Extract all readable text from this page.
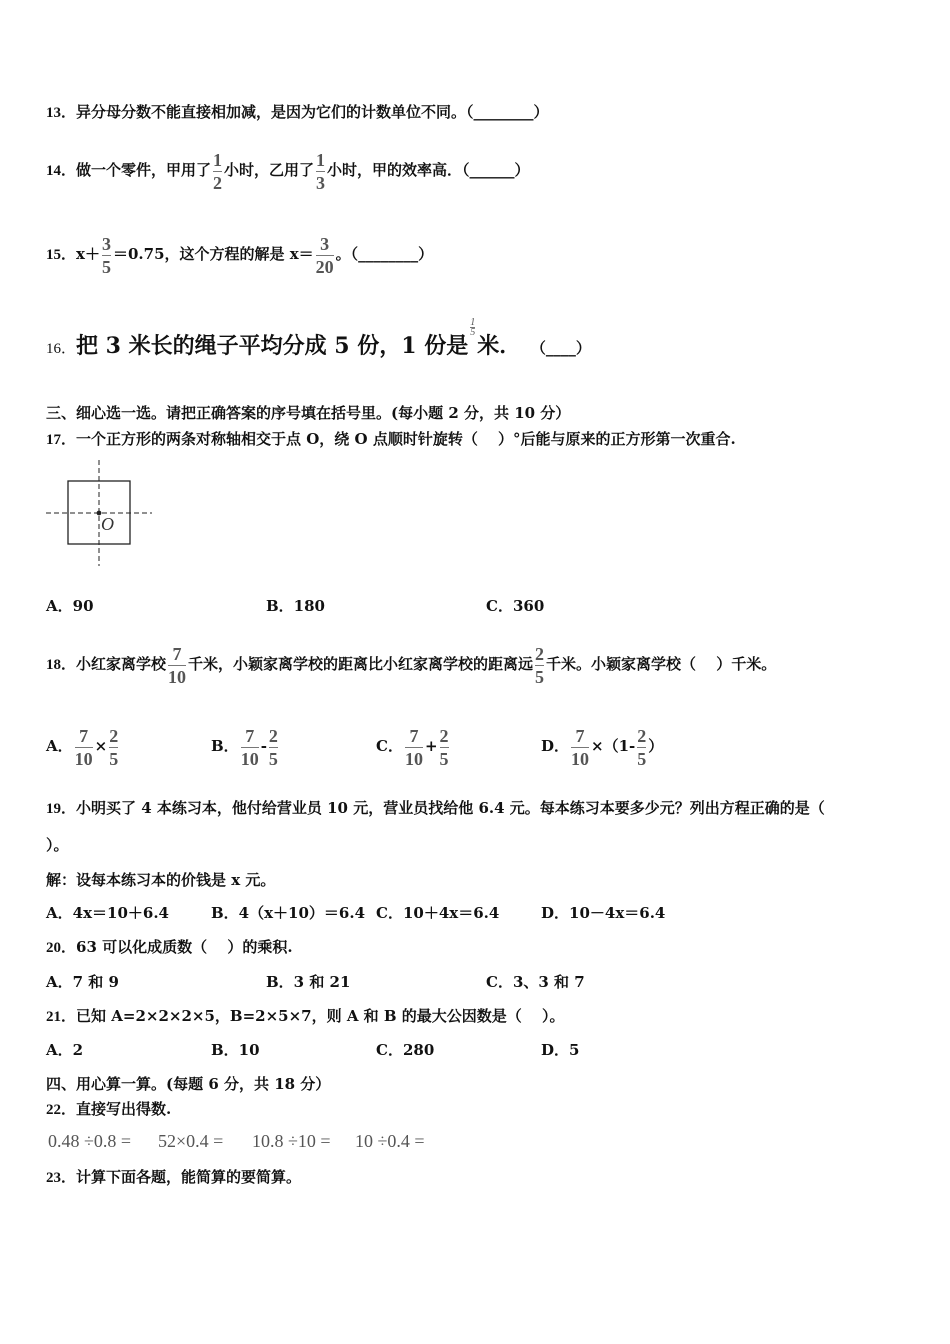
13．异分母分数不能直接相加减，是因为它们的计数单位不同。（________）
14．做一个零件，甲用了 $\frac{1}{2}$ 小时，乙用了 $\frac{1}{3}$ 小时，甲的效率高．（______）
15．$x+ \frac{3}{5} =0.75$，这个方程的解是 $x= \frac{3}{20}$ 。（________）
16．把 3 米长的绳子平均分成 5 份，1 份是
$\frac{1}{5}$
米． （____）
三、细心选一选。请把正确答案的序号填在括号里。(每小题 2 分，共 10 分）
17．一个正方形的两条对称轴相交于点 O，绕 O 点顺时针旋转（　 ）°后能与原来的正方形第一次重合.
O
A．90	B．180	C．360
18．小红家离学校 $\frac{7}{10}$ 千米，小颖家离学校的距离比小红家离学校的距离远 $\frac{2}{5}$ 千米。小颖家离学校（　 ）千米。
A． $\frac{7}{10} \times \frac{2}{5}$	B． $\frac{7}{10} - \frac{2}{5}$	C． $\frac{7}{10} + \frac{2}{5}$	D． $\frac{7}{10} \times(1- \frac{2}{5}$ ）
19．小明买了 4 本练习本，他付给营业员 10 元，营业员找给他 6.4 元。每本练习本要多少元？列出方程正确的是（
）。
解：设每本练习本的价钱是 x 元。
A．4x＝10＋6.4	B．4（x＋10）＝6.4 C．10＋4x＝6.4	D．10－4x＝6.4
20．63 可以化成质数（　 ）的乘积.
A．7 和 9	B．3 和 21	C．3、3 和 7
21．已知 A=2×2×2×5，B=2×5×7，则 A 和 B 的最大公因数是（　 ）。
A．2	B．10	C．280	D．5
四、用心算一算。(每题 6 分，共 18 分）
22．直接写出得数.
0.48 ÷0.8 = 52×0.4 = 10.8 ÷10 = 10 ÷0.4 =
23．计算下面各题，能简算的要简算。
